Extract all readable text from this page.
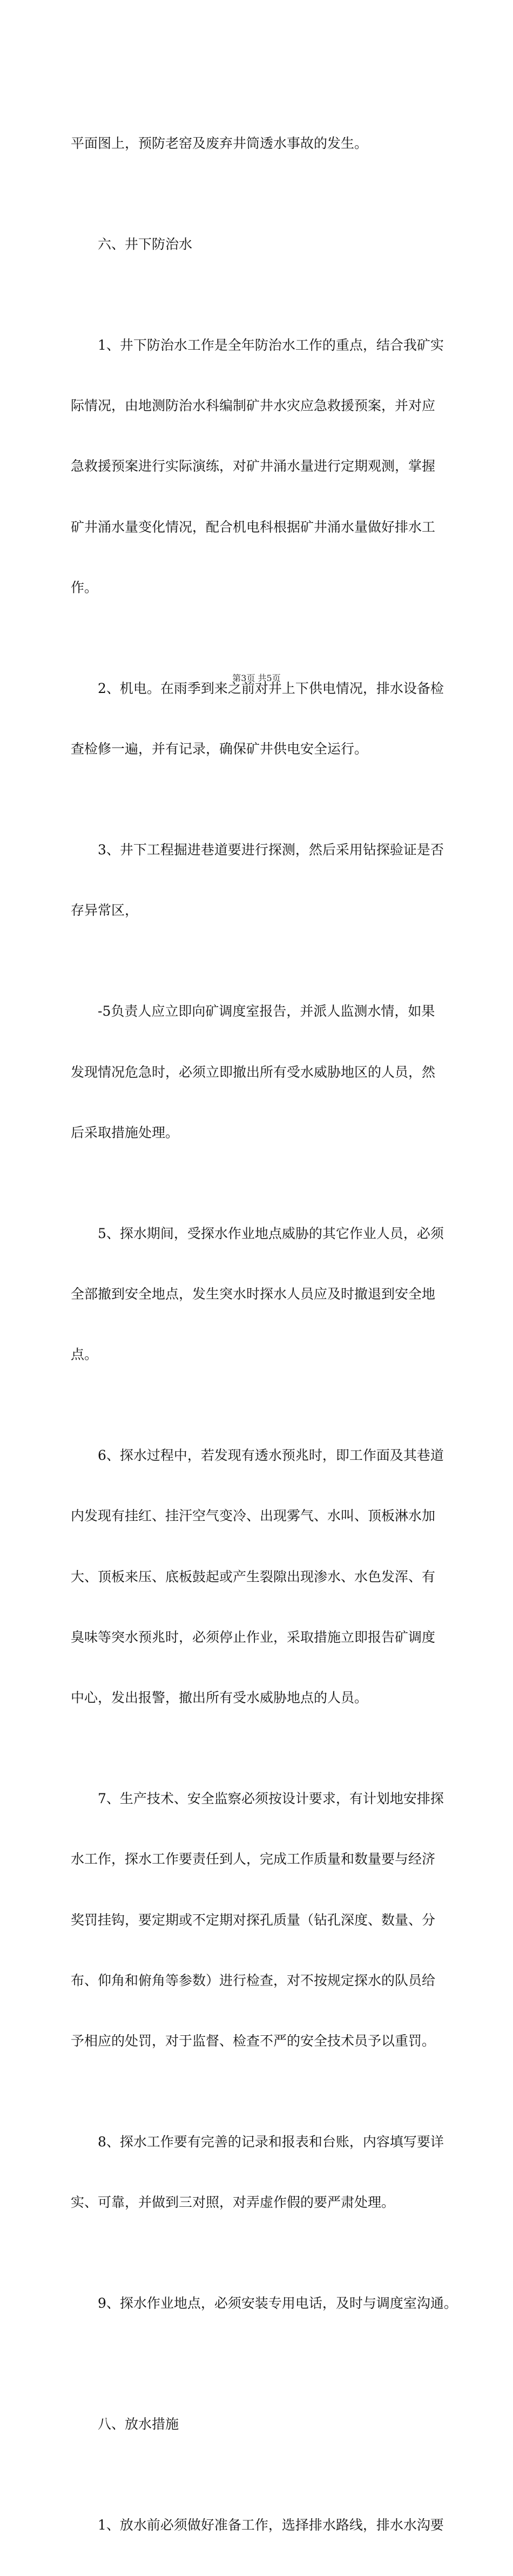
平面图上，预防老窑及废弃井筒透水事故的发生。

六、井下防治水

1、井下防治水工作是全年防治水工作的重点，结合我矿实

际情况，由地测防治水科编制矿井水灾应急救援预案，并对应

急救援预案进行实际演练，对矿井涌水量进行定期观测，掌握

矿井涌水量变化情况，配合机电科根据矿井涌水量做好排水工

作。

2、机电。在雨季到来之前对井上下供电情况，排水设备检

查检修一遍，并有记录，确保矿井供电安全运行。

3、井下工程掘进巷道要进行探测，然后采用钻探验证是否

存异常区，

-5负责人应立即向矿调度室报告，并派人监测水情，如果

发现情况危急时，必须立即撤出所有受水威胁地区的人员，然

后采取措施处理。

5、探水期间，受探水作业地点威胁的其它作业人员，必须

全部撤到安全地点，发生突水时探水人员应及时撤退到安全地

点。

6、探水过程中，若发现有透水预兆时，即工作面及其巷道

内发现有挂红、挂汗空气变冷、出现雾气、水叫、顶板淋水加

大、顶板来压、底板鼓起或产生裂隙出现渗水、水色发浑、有

臭味等突水预兆时，必须停止作业，采取措施立即报告矿调度

中心，发出报警，撤出所有受水威胁地点的人员。

7、生产技术、安全监察必须按设计要求，有计划地安排探

水工作，探水工作要责任到人，完成工作质量和数量要与经济

奖罚挂钩，要定期或不定期对探孔质量（钻孔深度、数量、分

布、仰角和俯角等参数）进行检查，对不按规定探水的队员给

予相应的处罚，对于监督、检查不严的安全技术员予以重罚。

8、探水工作要有完善的记录和报表和台账，内容填写要详

实、可靠，并做到三对照，对弄虚作假的要严肃处理。

9、探水作业地点，必须安装专用电话，及时与调度室沟通。

八、放水措施

1、放水前必须做好准备工作，选择排水路线，排水水沟要

第3页 共5页
